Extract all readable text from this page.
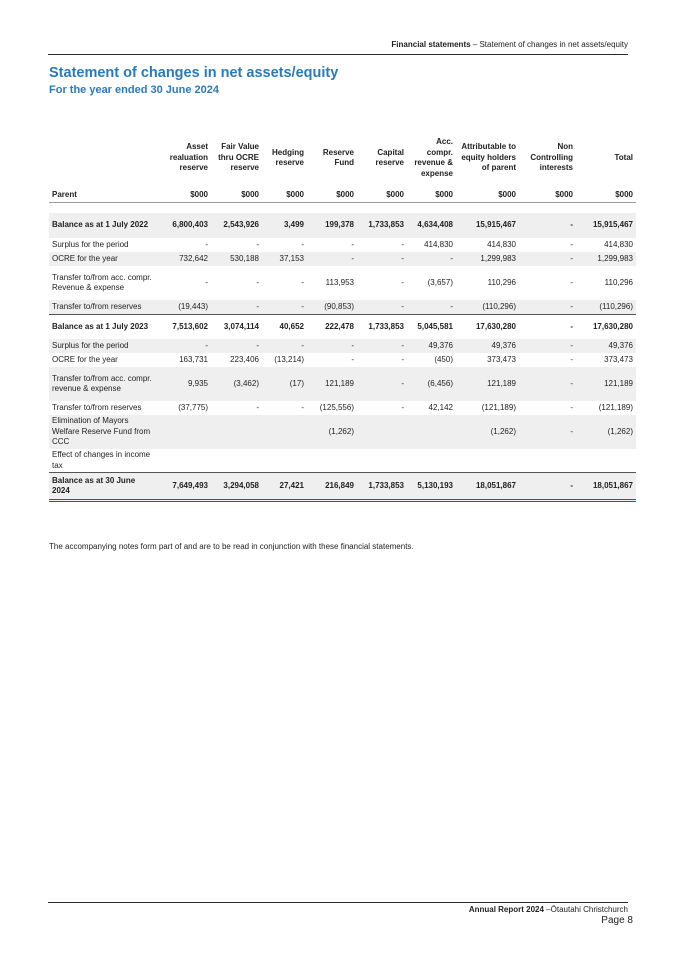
Financial statements – Statement of changes in net assets/equity
Statement of changes in net assets/equity
For the year ended 30 June 2024
	Asset realuation reserve	Fair Value thru OCRE reserve	Hedging reserve	Reserve Fund	Capital reserve	Acc. compr. revenue & expense	Attributable to equity holders of parent	Non Controlling interests	Total
Parent	$000	$000	$000	$000	$000	$000	$000	$000	$000

Balance as at 1 July 2022	6,800,403	2,543,926	3,499	199,378	1,733,853	4,634,408	15,915,467	-	15,915,467
Surplus for the period	-	-	-	-	-	414,830	414,830	-	414,830
OCRE for the year	732,642	530,188	37,153	-	-	-	1,299,983	-	1,299,983
Transfer to/from acc. compr. Revenue & expense	-	-	-	113,953	-	(3,657)	110,296	-	110,296
Transfer to/from reserves	(19,443)	-	-	(90,853)	-	-	(110,296)	-	(110,296)
Balance as at 1 July 2023	7,513,602	3,074,114	40,652	222,478	1,733,853	5,045,581	17,630,280	-	17,630,280
Surplus for the period	-	-	-	-	-	49,376	49,376	-	49,376
OCRE for the year	163,731	223,406	(13,214)	-	-	(450)	373,473	-	373,473
Transfer to/from acc. compr. revenue & expense	9,935	(3,462)	(17)	121,189	-	(6,456)	121,189	-	121,189
Transfer to/from reserves	(37,775)	-	-	(125,556)	-	42,142	(121,189)	-	(121,189)
Elimination of Mayors Welfare Reserve Fund from CCC				(1,262)			(1,262)	-	(1,262)
Effect of changes in income tax									
Balance as at 30 June 2024	7,649,493	3,294,058	27,421	216,849	1,733,853	5,130,193	18,051,867	-	18,051,867
The accompanying notes form part of and are to be read in conjunction with these financial statements.
Annual Report 2024 –Ōtautahi Christchurch
Page 8
